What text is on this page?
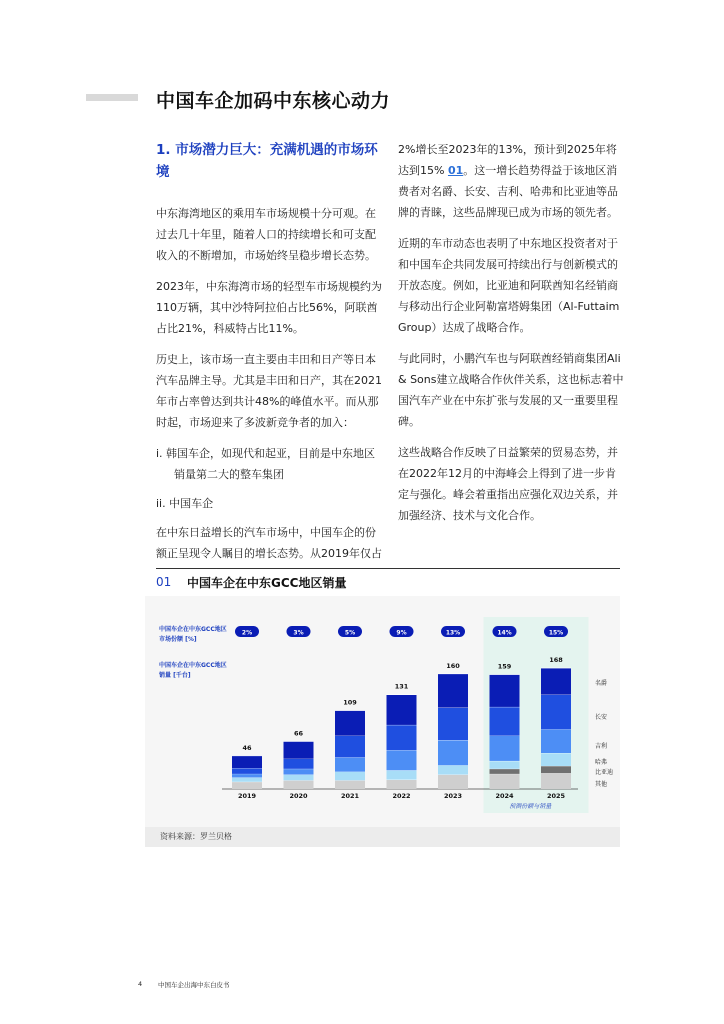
中国车企加码中东核心动力
1. 市场潜力巨大：充满机遇的市场环境

中东海湾地区的乘用车市场规模十分可观。在过去几十年里，随着人口的持续增长和可支配收入的不断增加，市场始终呈稳步增长态势。

2023年，中东海湾市场的轻型车市场规模约为110万辆，其中沙特阿拉伯占比56%，阿联酋占比21%，科威特占比11%。

历史上，该市场一直主要由丰田和日产等日本汽车品牌主导。尤其是丰田和日产，其在2021年市占率曾达到共计48%的峰值水平。而从那时起，市场迎来了多波新竞争者的加入：

i. 韩国车企，如现代和起亚，目前是中东地区销量第二大的整车集团
ii. 中国车企

在中东日益增长的汽车市场中，中国车企的份额正呈现令人瞩目的增长态势。从2019年仅占

2%增长至2023年的13%，预计到2025年将达到15% 01。这一增长趋势得益于该地区消费者对名爵、长安、吉利、哈弗和比亚迪等品牌的青睐，这些品牌现已成为市场的领先者。

近期的车市动态也表明了中东地区投资者对于和中国车企共同发展可持续出行与创新模式的开放态度。例如，比亚迪和阿联酋知名经销商与移动出行企业阿勒富塔姆集团（Al-Futtaim Group）达成了战略合作。

与此同时，小鹏汽车也与阿联酋经销商集团Ali & Sons建立战略合作伙伴关系，这也标志着中国汽车产业在中东扩张与发展的又一重要里程碑。

这些战略合作反映了日益繁荣的贸易态势，并在2022年12月的中海峰会上得到了进一步肯定与强化。峰会着重指出应强化双边关系，并加强经济、技术与文化合作。

01 中国车企在中东GCC地区销量
资料来源：罗兰贝格
中国车企在中东GCC地区
市场份额 [%]
中国车企在中东GCC地区
销量 [千台]
2%
46
2019
3%
66
2020
5%
109
2021
9%
131
2022
13%
160
2023
14%
159
2024
15%
168
2025
预测份额与销量
名爵
长安
吉利
哈弗
比亚迪
其他
4 中国车企出海中东白皮书
